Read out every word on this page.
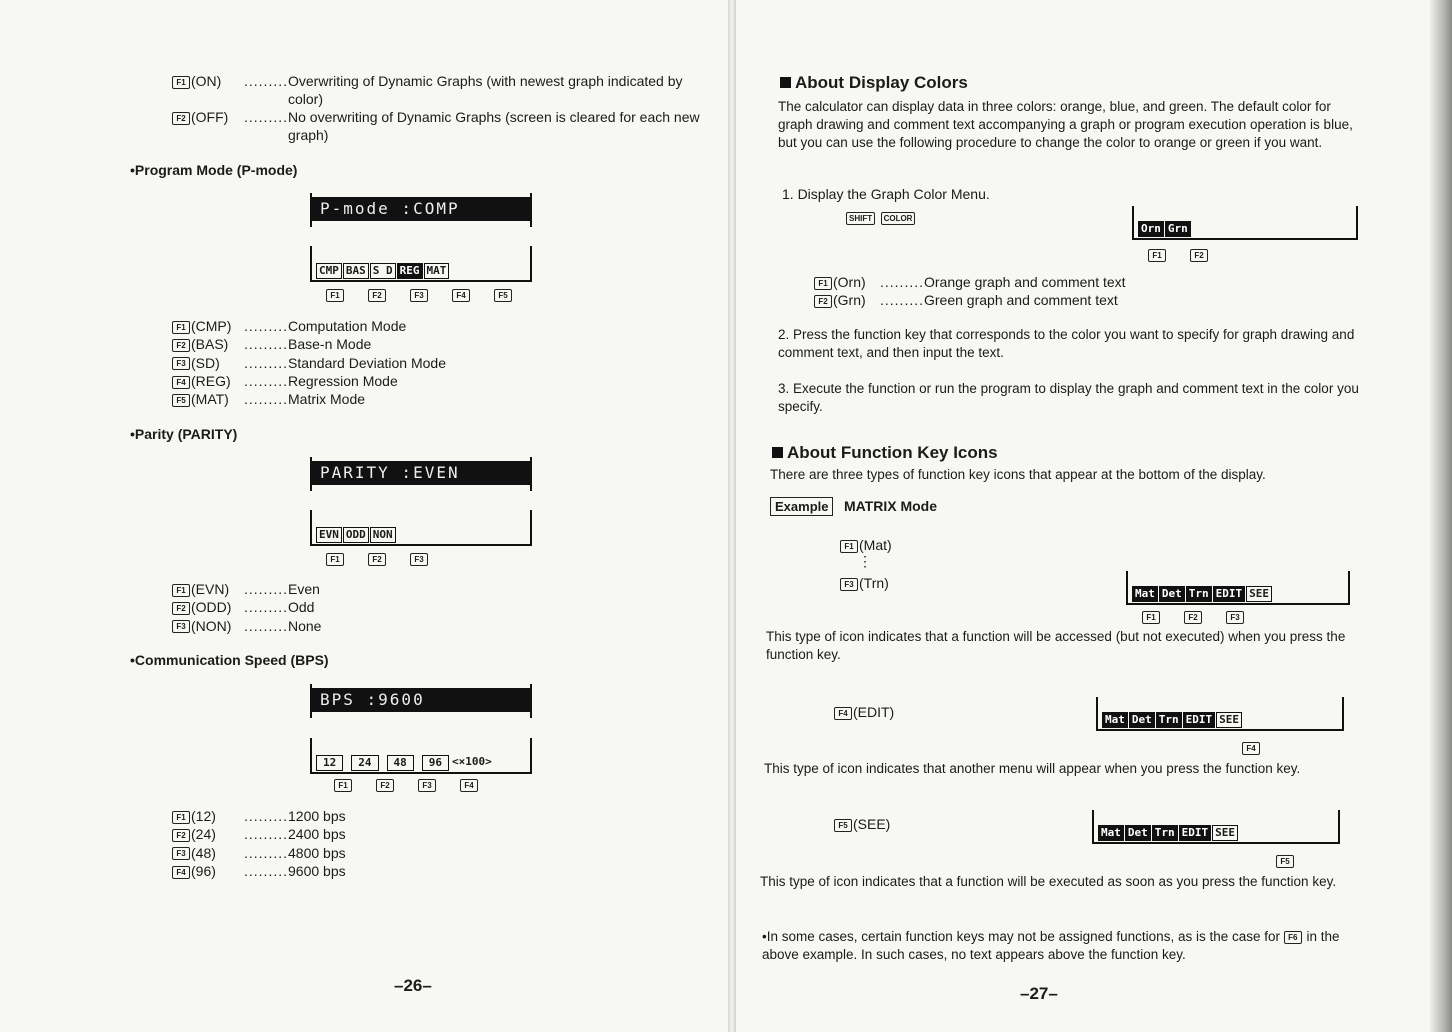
F1 (ON) ......... Overwriting of Dynamic Graphs (with newest graph indicated by
color)
F2 (OFF) ......... No overwriting of Dynamic Graphs (screen is cleared for each new
graph)
•Program Mode (P-mode)
P-mode :COMP
CMP BAS S D REG MAT
F1	F2	F3	F4	F5
F1 (CMP) ......... Computation Mode
F2 (BAS) ......... Base-n Mode
F3 (SD) ......... Standard Deviation Mode
F4 (REG) ......... Regression Mode
F5 (MAT) ......... Matrix Mode
•Parity (PARITY)
PARITY :EVEN
EVN ODD NON
F1	F2	F3
F1 (EVN) ......... Even
F2 (ODD) ......... Odd
F3 (NON) ......... None
•Communication Speed (BPS)
BPS :9600
12	24	48	96 <×100>
F1	F2	F3	F4
F1 (12) ......... 1200 bps
F2 (24) ......... 2400 bps
F3 (48) ......... 4800 bps
F4 (96) ......... 9600 bps
–26–
About Display Colors
The calculator can display data in three colors: orange, blue, and green. The default color for graph drawing and comment text accompanying a graph or program execution operation is blue, but you can use the following procedure to change the color to orange or green if you want.
1. Display the Graph Color Menu.
SHIFT COLOR
Orn Grn
F1	F2
F1 (Orn) ......... Orange graph and comment text
F2 (Grn) ......... Green graph and comment text
2. Press the function key that corresponds to the color you want to specify for graph drawing and comment text, and then input the text.
3. Execute the function or run the program to display the graph and comment text in the color you specify.
About Function Key Icons
There are three types of function key icons that appear at the bottom of the display.
Example MATRIX Mode
F1 (Mat)
⋮
F3 (Trn)
Mat Det Trn EDIT SEE
F1	F2	F3
This type of icon indicates that a function will be accessed (but not executed) when you press the function key.
F4 (EDIT)	Mat Det Trn EDIT SEE
F4
This type of icon indicates that another menu will appear when you press the function key.
F5 (SEE)
Mat Det Trn EDIT SEE
F5
This type of icon indicates that a function will be executed as soon as you press the function key.
•In some cases, certain function keys may not be assigned functions, as is the case for F6 in the above example. In such cases, no text appears above the function key.
–27–
